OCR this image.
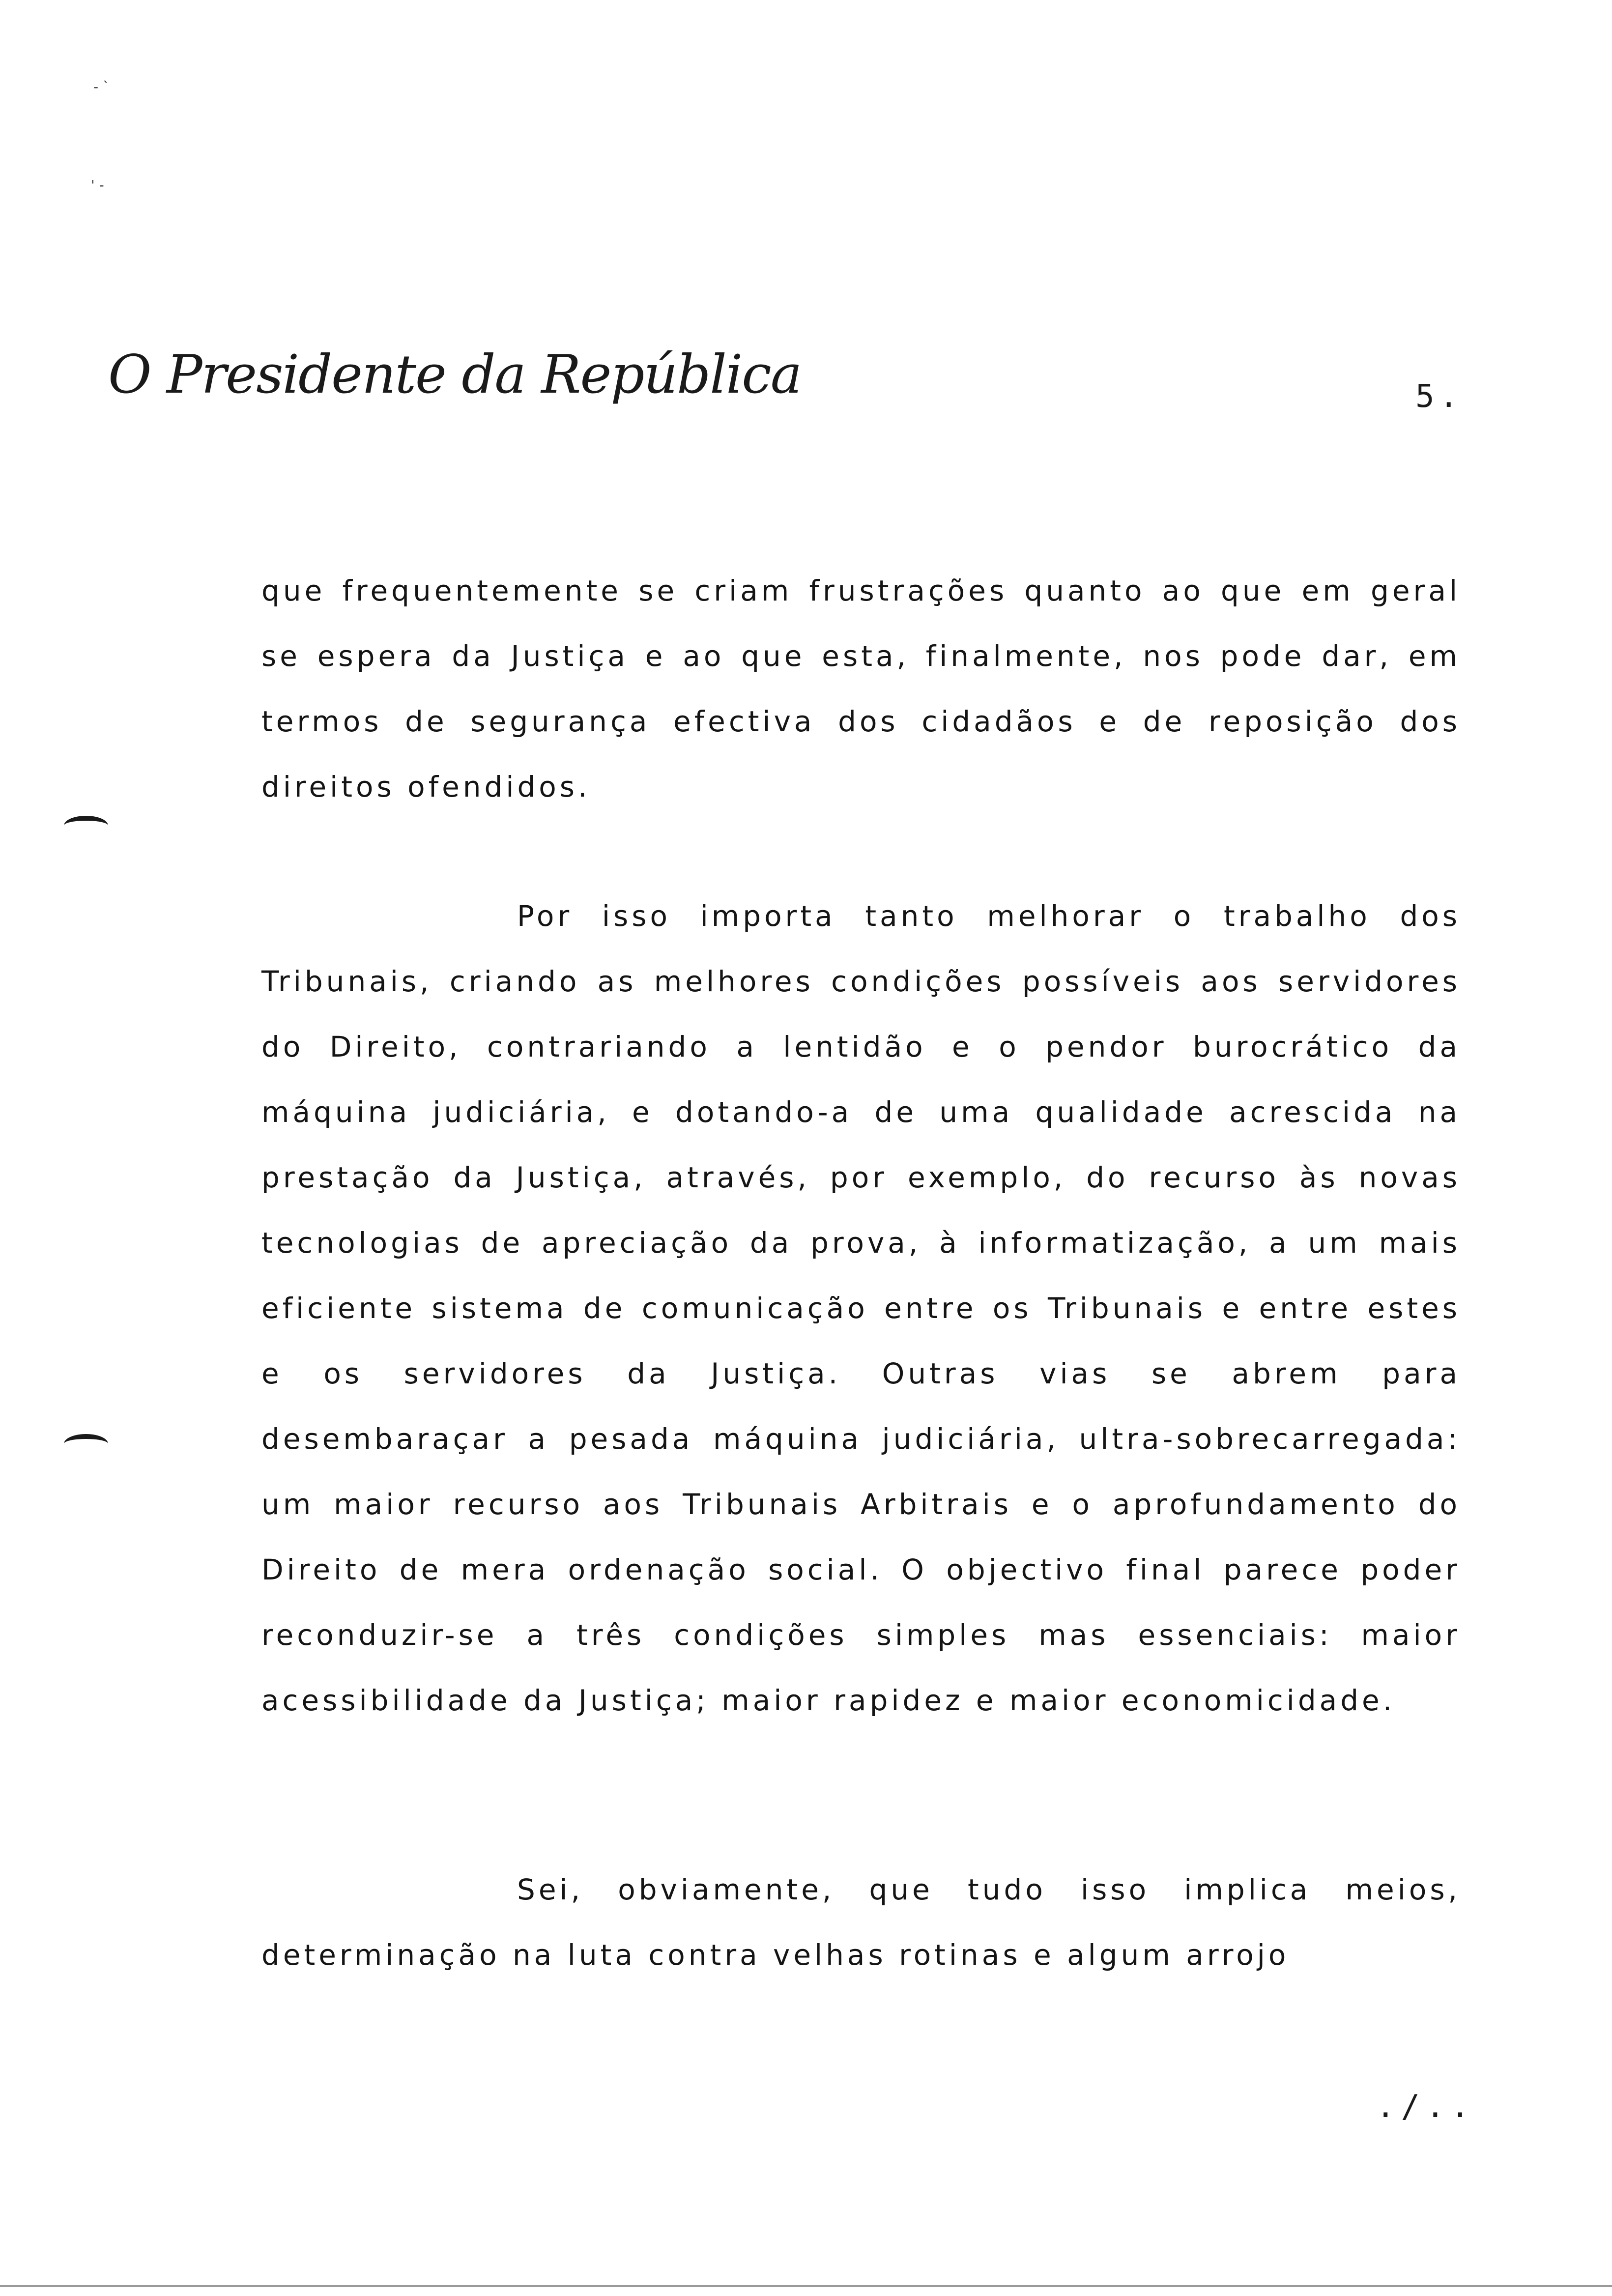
- `
' -
O Presidente da República	5.

que frequentemente se criam frustrações quanto ao que em geral se espera da Justiça e ao que esta, finalmente, nos pode dar, em termos de segurança efectiva dos cidadãos e de reposição dos direitos ofendidos.

Por isso importa tanto melhorar o trabalho dos Tribunais, criando as melhores condições possíveis aos servidores do Direito, contrariando a lentidão e o pendor burocrático da máquina judiciária, e dotando-a de uma qualidade acrescida na prestação da Justiça, através, por exemplo, do recurso às novas tecnologias de apreciação da prova, à informatização, a um mais eficiente sistema de comunicação entre os Tribunais e entre estes e os servidores da Justiça. Outras vias se abrem para desembaraçar a pesada máquina judiciária, ultra-sobrecarregada: um maior recurso aos Tribunais Arbitrais e o aprofundamento do Direito de mera ordenação social. O objectivo final parece poder reconduzir-se a três condições simples mas essenciais: maior acessibilidade da Justiça; maior rapidez e maior economicidade.

Sei, obviamente, que tudo isso implica meios, determinação na luta contra velhas rotinas e algum arrojo

./..
